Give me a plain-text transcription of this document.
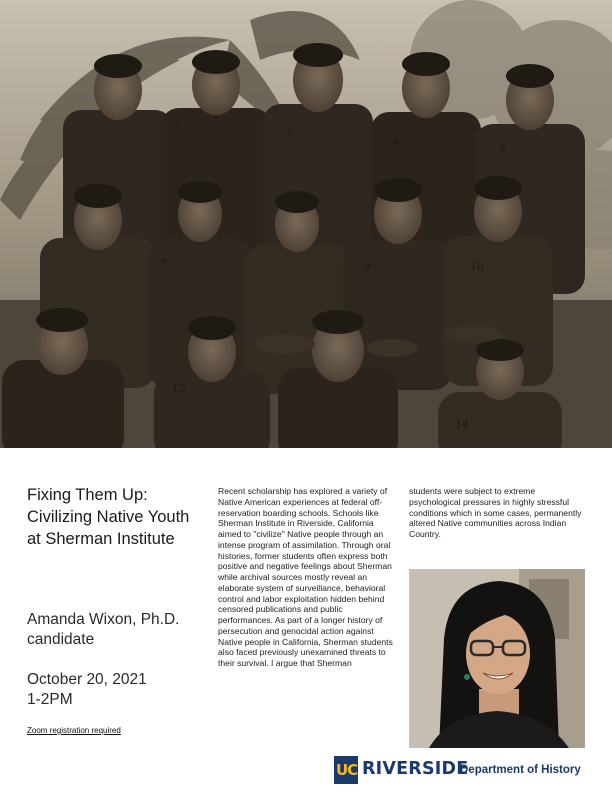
2	3
4	5
7	9	10
12
14
Fixing Them Up: Civilizing Native Youth at Sherman Institute
Amanda Wixon, Ph.D. candidate
October 20, 2021
1-2PM
Zoom registration required
Recent scholarship has explored a variety of Native American experiences at federal off-reservation boarding schools. Schools like Sherman Institute in Riverside, California aimed to "civilize" Native people through an intense program of assimilation. Through oral histories, former students often express both positive and negative feelings about Sherman while archival sources mostly reveal an elaborate system of surveillance, behavioral control and labor exploitation hidden behind censored publications and public performances. As part of a longer history of persecution and genocidal action against Native people in California, Sherman students also faced previously unexamined threats to their survival. I argue that Sherman
students were subject to extreme psychological pressures in highly stressful conditions which in some cases, permanently altered Native communities across Indian Country.
UC RIVERSIDE
Department of History
